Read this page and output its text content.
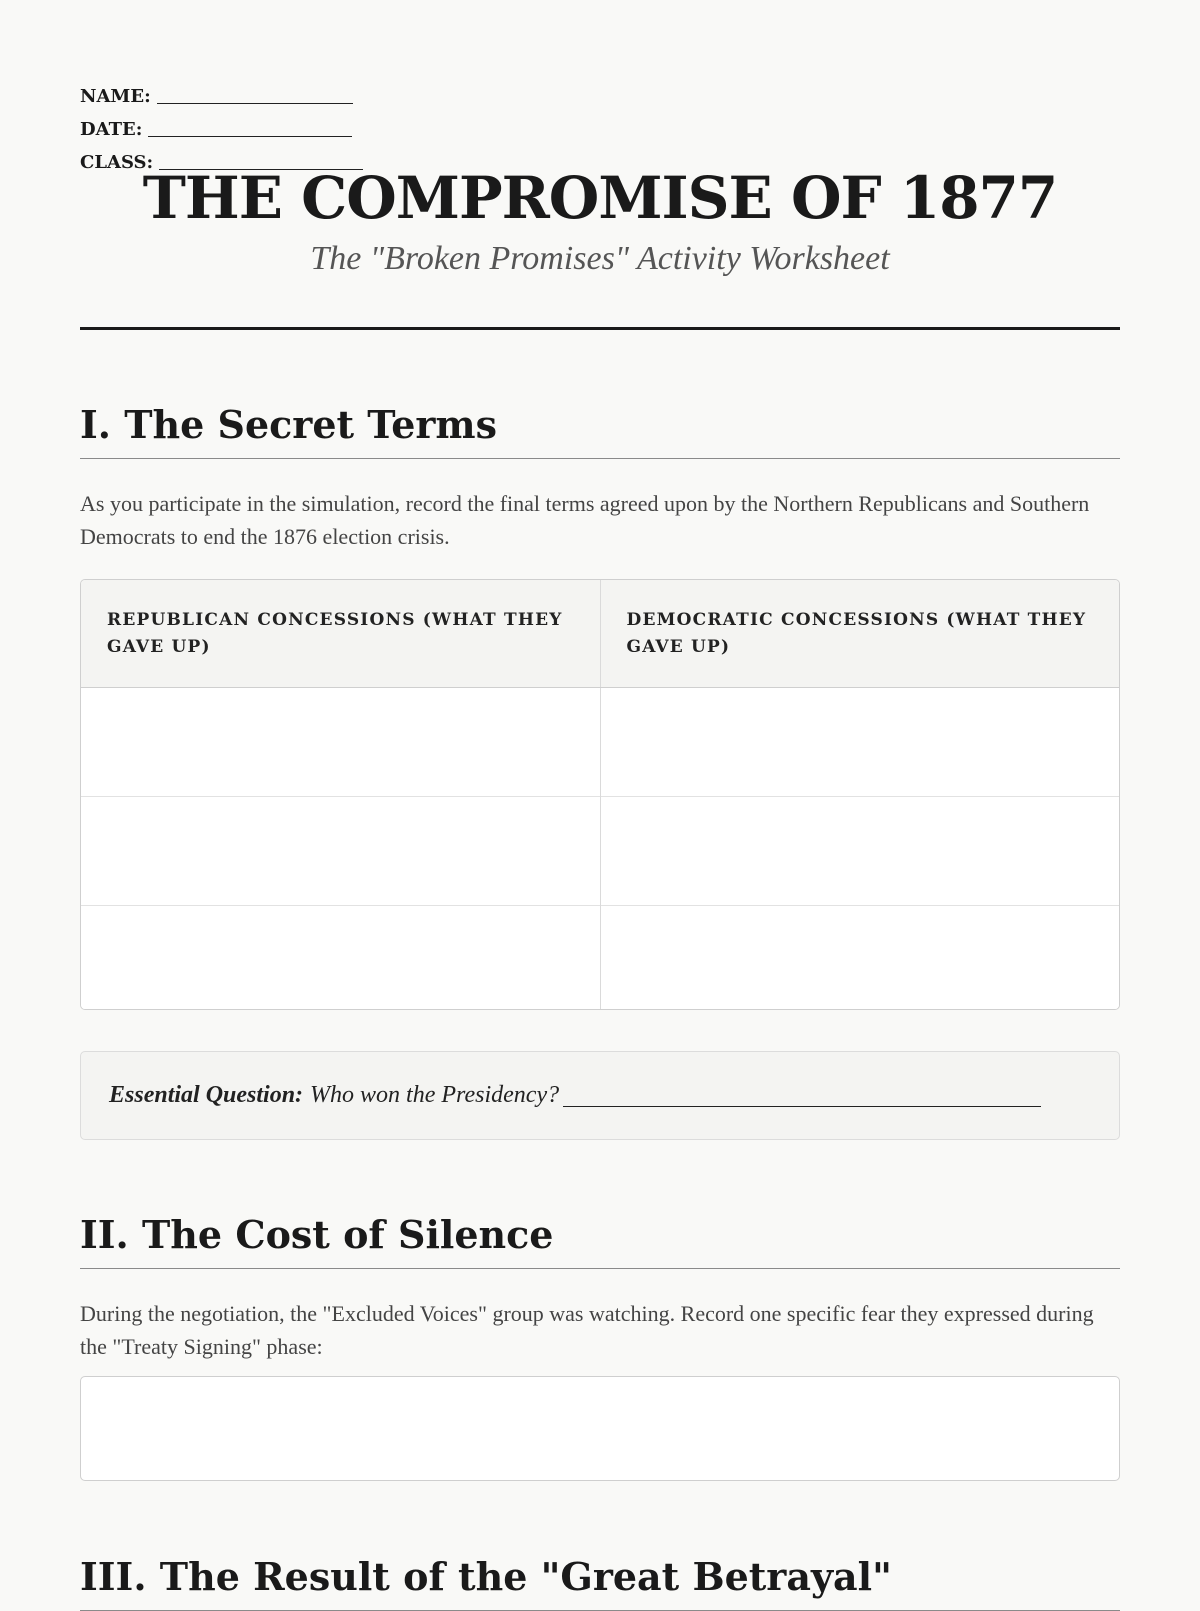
NAME:
DATE:
CLASS:
THE COMPROMISE OF 1877
The "Broken Promises" Activity Worksheet
I. The Secret Terms

As you participate in the simulation, record the final terms agreed upon by the Northern Republicans and Southern Democrats to end the 1876 election crisis.

REPUBLICAN CONCESSIONS (WHAT THEY GAVE UP)	DEMOCRATIC CONCESSIONS (WHAT THEY GAVE UP)

Essential Question: Who won the Presidency?
II. The Cost of Silence

During the negotiation, the "Excluded Voices" group was watching. Record one specific fear they expressed during the "Treaty Signing" phase:

III. The Result of the "Great Betrayal"
